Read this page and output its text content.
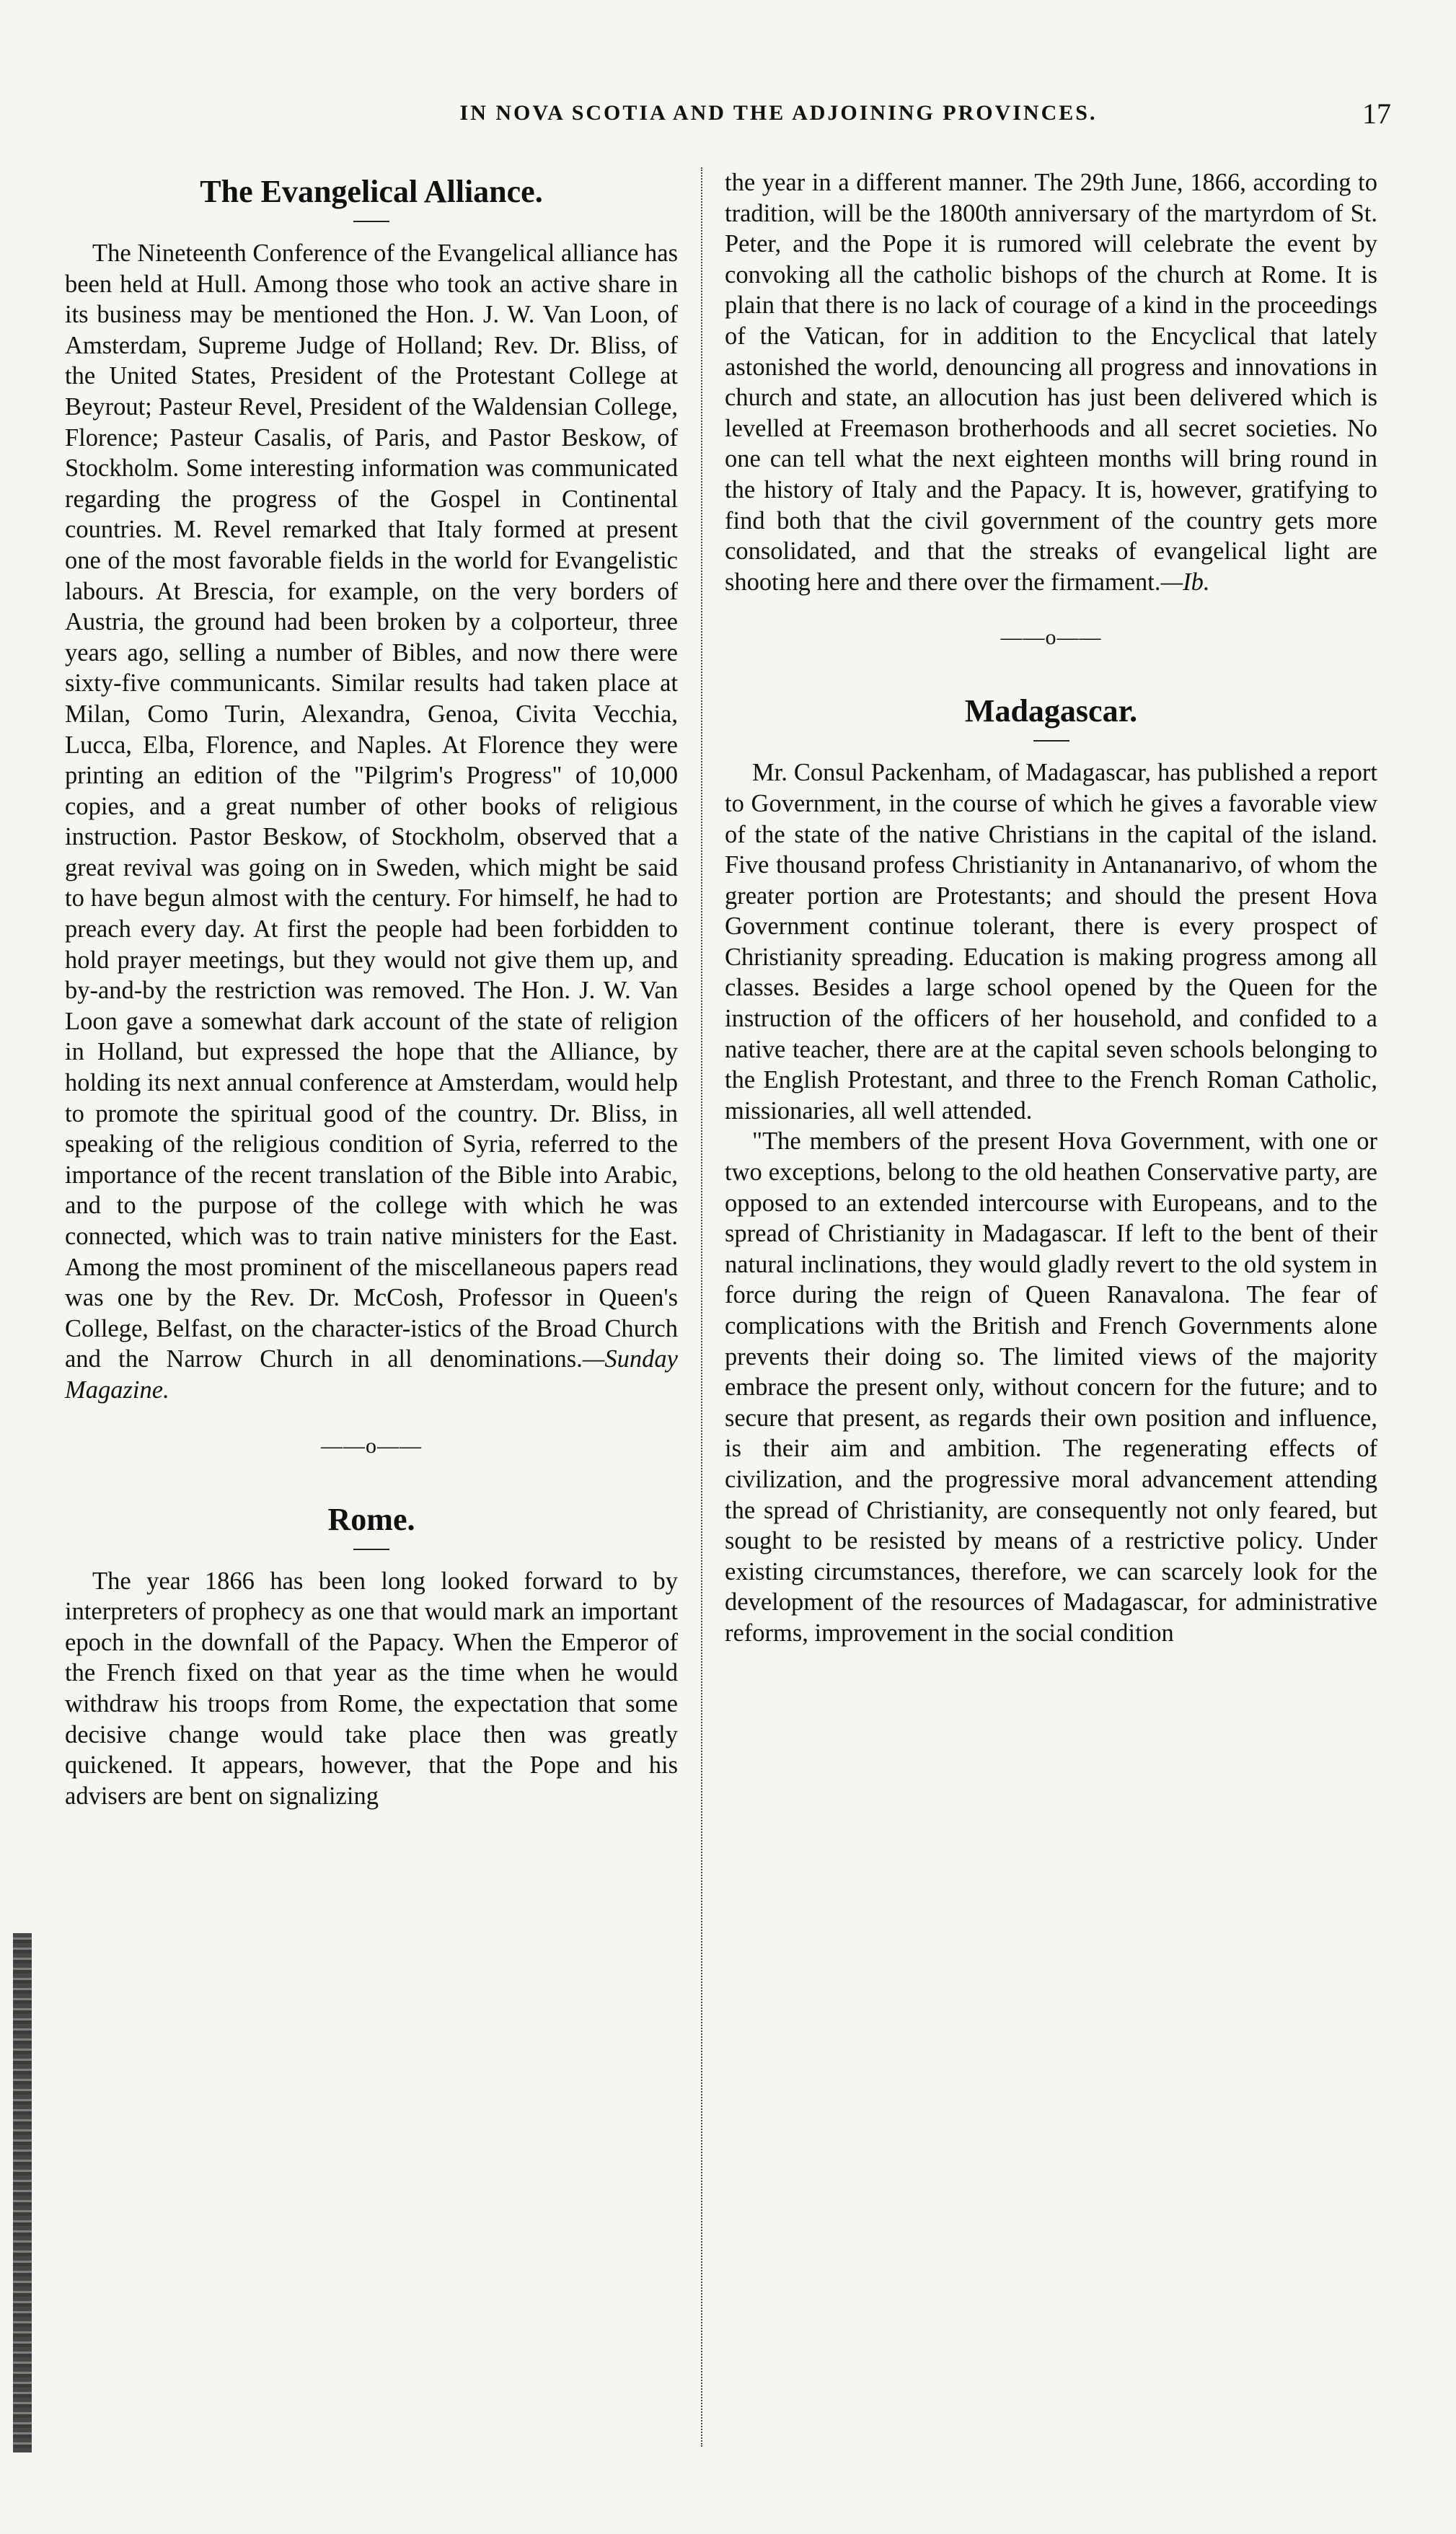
IN NOVA SCOTIA AND THE ADJOINING PROVINCES.	17
The Evangelical Alliance.

The Nineteenth Conference of the Evangelical alliance has been held at Hull. Among those who took an active share in its business may be mentioned the Hon. J. W. Van Loon, of Amsterdam, Supreme Judge of Holland; Rev. Dr. Bliss, of the United States, President of the Protestant College at Beyrout; Pasteur Revel, President of the Waldensian College, Florence; Pasteur Casalis, of Paris, and Pastor Beskow, of Stockholm. Some interesting information was communicated regarding the progress of the Gospel in Continental countries. M. Revel remarked that Italy formed at present one of the most favorable fields in the world for Evangelistic labours. At Brescia, for example, on the very borders of Austria, the ground had been broken by a colporteur, three years ago, selling a number of Bibles, and now there were sixty-five communicants. Similar results had taken place at Milan, Como Turin, Alexandra, Genoa, Civita Vecchia, Lucca, Elba, Florence, and Naples. At Florence they were printing an edition of the "Pilgrim's Progress" of 10,000 copies, and a great number of other books of religious instruction. Pastor Beskow, of Stockholm, observed that a great revival was going on in Sweden, which might be said to have begun almost with the century. For himself, he had to preach every day. At first the people had been forbidden to hold prayer meetings, but they would not give them up, and by-and-by the restriction was removed. The Hon. J. W. Van Loon gave a somewhat dark account of the state of religion in Holland, but expressed the hope that the Alliance, by holding its next annual conference at Amsterdam, would help to promote the spiritual good of the country. Dr. Bliss, in speaking of the religious condition of Syria, referred to the importance of the recent translation of the Bible into Arabic, and to the purpose of the college with which he was connected, which was to train native ministers for the East. Among the most prominent of the miscellaneous papers read was one by the Rev. Dr. McCosh, Professor in Queen's College, Belfast, on the character-istics of the Broad Church and the Narrow Church in all denominations.—Sunday Magazine.

——o——
Rome.

The year 1866 has been long looked forward to by interpreters of prophecy as one that would mark an important epoch in the downfall of the Papacy. When the Emperor of the French fixed on that year as the time when he would withdraw his troops from Rome, the expectation that some decisive change would take place then was greatly quickened. It appears, however, that the Pope and his advisers are bent on signalizing

the year in a different manner. The 29th June, 1866, according to tradition, will be the 1800th anniversary of the martyrdom of St. Peter, and the Pope it is rumored will celebrate the event by convoking all the catholic bishops of the church at Rome. It is plain that there is no lack of courage of a kind in the proceedings of the Vatican, for in addition to the Encyclical that lately astonished the world, denouncing all progress and innovations in church and state, an allocution has just been delivered which is levelled at Freemason brotherhoods and all secret societies. No one can tell what the next eighteen months will bring round in the history of Italy and the Papacy. It is, however, gratifying to find both that the civil government of the country gets more consolidated, and that the streaks of evangelical light are shooting here and there over the firmament.—Ib.

——o——
Madagascar.

Mr. Consul Packenham, of Madagascar, has published a report to Government, in the course of which he gives a favorable view of the state of the native Christians in the capital of the island. Five thousand profess Christianity in Antananarivo, of whom the greater portion are Protestants; and should the present Hova Government continue tolerant, there is every prospect of Christianity spreading. Education is making progress among all classes. Besides a large school opened by the Queen for the instruction of the officers of her household, and confided to a native teacher, there are at the capital seven schools belonging to the English Protestant, and three to the French Roman Catholic, missionaries, all well attended.

"The members of the present Hova Government, with one or two exceptions, belong to the old heathen Conservative party, are opposed to an extended intercourse with Europeans, and to the spread of Christianity in Madagascar. If left to the bent of their natural inclinations, they would gladly revert to the old system in force during the reign of Queen Ranavalona. The fear of complications with the British and French Governments alone prevents their doing so. The limited views of the majority embrace the present only, without concern for the future; and to secure that present, as regards their own position and influence, is their aim and ambition. The regenerating effects of civilization, and the progressive moral advancement attending the spread of Christianity, are consequently not only feared, but sought to be resisted by means of a restrictive policy. Under existing circumstances, therefore, we can scarcely look for the development of the resources of Madagascar, for administrative reforms, improvement in the social condition
